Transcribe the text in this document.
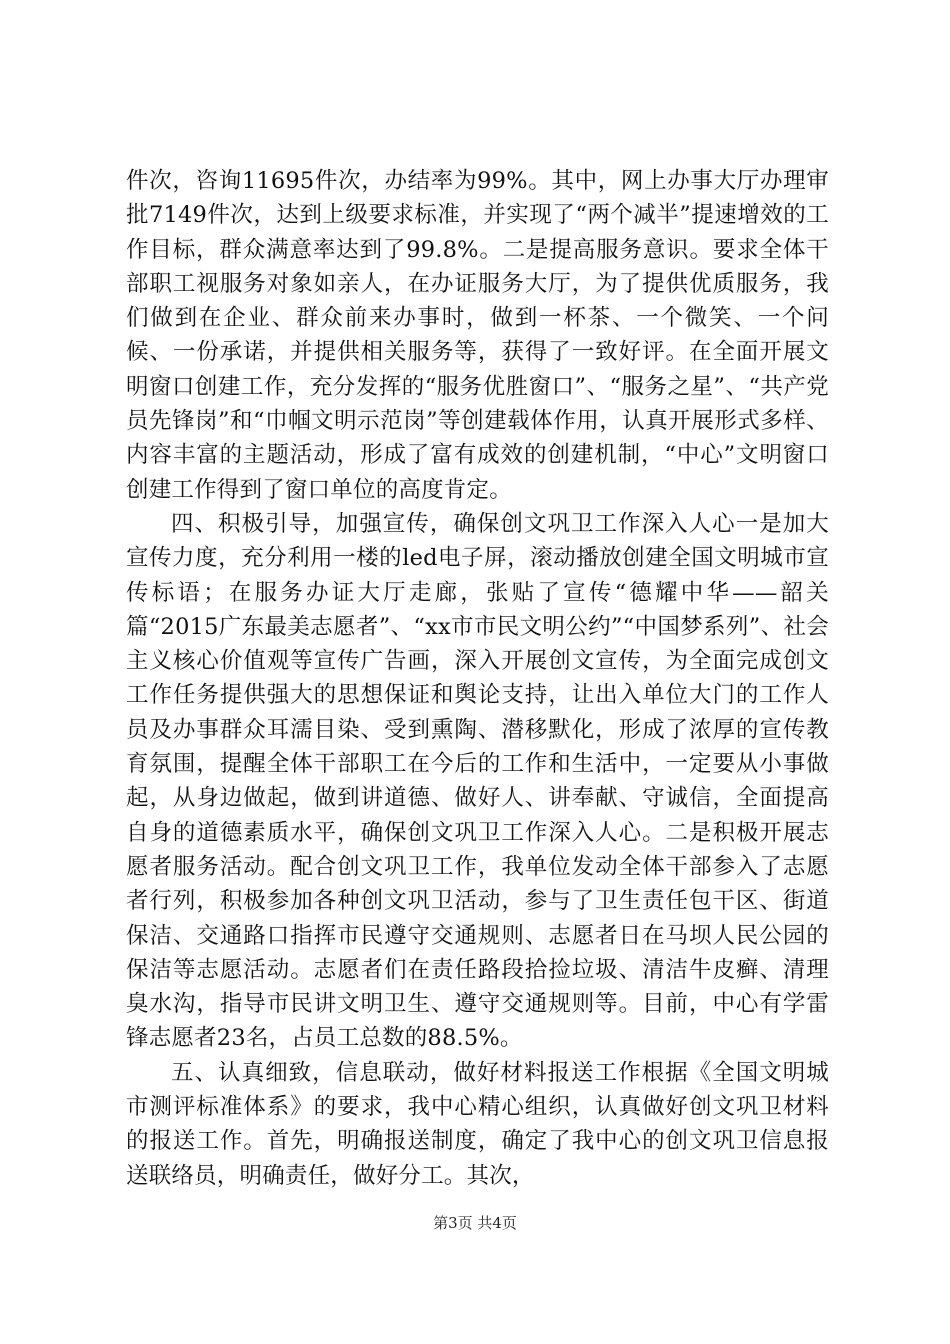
件次，咨询11695件次，办结率为99%。其中，网上办事大厅办理审批7149件次，达到上级要求标准，并实现了“两个减半”提速增效的工作目标，群众满意率达到了99.8%。二是提高服务意识。要求全体干部职工视服务对象如亲人，在办证服务大厅，为了提供优质服务，我们做到在企业、群众前来办事时，做到一杯茶、一个微笑、一个问候、一份承诺，并提供相关服务等，获得了一致好评。在全面开展文明窗口创建工作，充分发挥的“服务优胜窗口”、“服务之星”、“共产党员先锋岗”和“巾帼文明示范岗”等创建载体作用，认真开展形式多样、内容丰富的主题活动，形成了富有成效的创建机制，“中心”文明窗口创建工作得到了窗口单位的高度肯定。

四、积极引导，加强宣传，确保创文巩卫工作深入人心一是加大宣传力度，充分利用一楼的led电子屏，滚动播放创建全国文明城市宣传标语；在服务办证大厅走廊，张贴了宣传“德耀中华——韶关篇“2015广东最美志愿者”、“xx市市民文明公约”“中国梦系列”、社会主义核心价值观等宣传广告画，深入开展创文宣传，为全面完成创文工作任务提供强大的思想保证和舆论支持，让出入单位大门的工作人员及办事群众耳濡目染、受到熏陶、潜移默化，形成了浓厚的宣传教育氛围，提醒全体干部职工在今后的工作和生活中，一定要从小事做起，从身边做起，做到讲道德、做好人、讲奉献、守诚信，全面提高自身的道德素质水平，确保创文巩卫工作深入人心。二是积极开展志愿者服务活动。配合创文巩卫工作，我单位发动全体干部参入了志愿者行列，积极参加各种创文巩卫活动，参与了卫生责任包干区、街道保洁、交通路口指挥市民遵守交通规则、志愿者日在马坝人民公园的保洁等志愿活动。志愿者们在责任路段拾捡垃圾、清洁牛皮癣、清理臭水沟，指导市民讲文明卫生、遵守交通规则等。目前，中心有学雷锋志愿者23名，占员工总数的88.5%。

五、认真细致，信息联动，做好材料报送工作根据《全国文明城市测评标准体系》的要求，我中心精心组织，认真做好创文巩卫材料的报送工作。首先，明确报送制度，确定了我中心的创文巩卫信息报送联络员，明确责任，做好分工。其次，

第3页 共4页
